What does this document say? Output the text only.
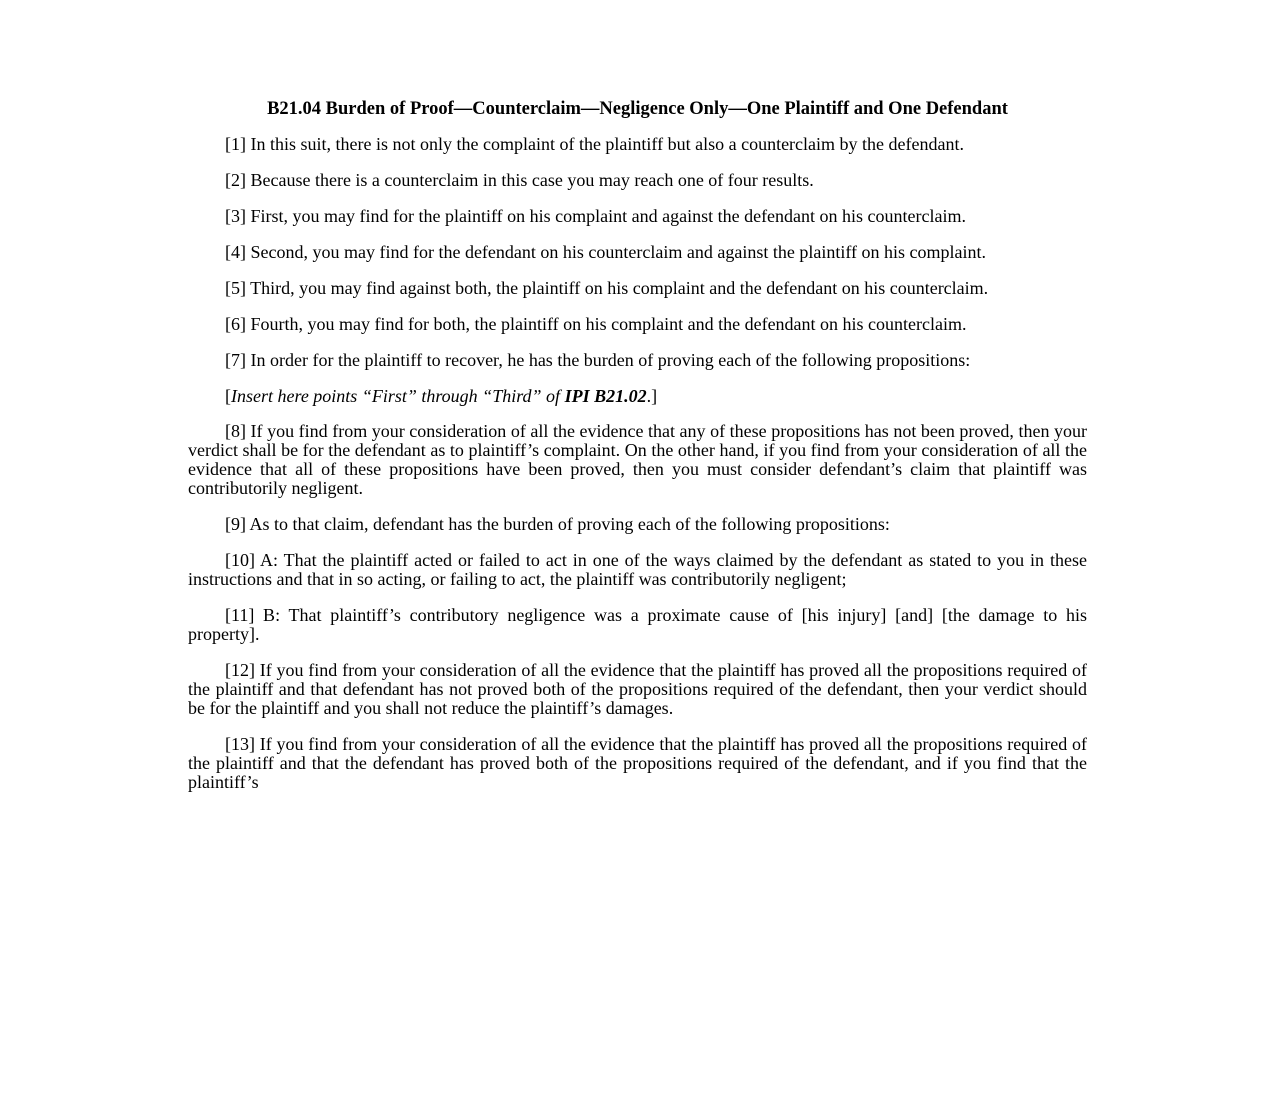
B21.04 Burden of Proof—Counterclaim—Negligence Only—One Plaintiff and One Defendant

[1] In this suit, there is not only the complaint of the plaintiff but also a counterclaim by the defendant.

[2] Because there is a counterclaim in this case you may reach one of four results.

[3] First, you may find for the plaintiff on his complaint and against the defendant on his counterclaim.

[4] Second, you may find for the defendant on his counterclaim and against the plaintiff on his complaint.

[5] Third, you may find against both, the plaintiff on his complaint and the defendant on his counterclaim.

[6] Fourth, you may find for both, the plaintiff on his complaint and the defendant on his counterclaim.

[7] In order for the plaintiff to recover, he has the burden of proving each of the following propositions:

[Insert here points “First” through “Third” of IPI B21.02.]

[8] If you find from your consideration of all the evidence that any of these propositions has not been proved, then your verdict shall be for the defendant as to plaintiff’s complaint. On the other hand, if you find from your consideration of all the evidence that all of these propositions have been proved, then you must consider defendant’s claim that plaintiff was contributorily negligent.

[9] As to that claim, defendant has the burden of proving each of the following propositions:

[10] A: That the plaintiff acted or failed to act in one of the ways claimed by the defendant as stated to you in these instructions and that in so acting, or failing to act, the plaintiff was contributorily negligent;

[11] B: That plaintiff’s contributory negligence was a proximate cause of [his injury] [and] [the damage to his property].

[12] If you find from your consideration of all the evidence that the plaintiff has proved all the propositions required of the plaintiff and that defendant has not proved both of the propositions required of the defendant, then your verdict should be for the plaintiff and you shall not reduce the plaintiff’s damages.

[13] If you find from your consideration of all the evidence that the plaintiff has proved all the propositions required of the plaintiff and that the defendant has proved both of the propositions required of the defendant, and if you find that the plaintiff’s
